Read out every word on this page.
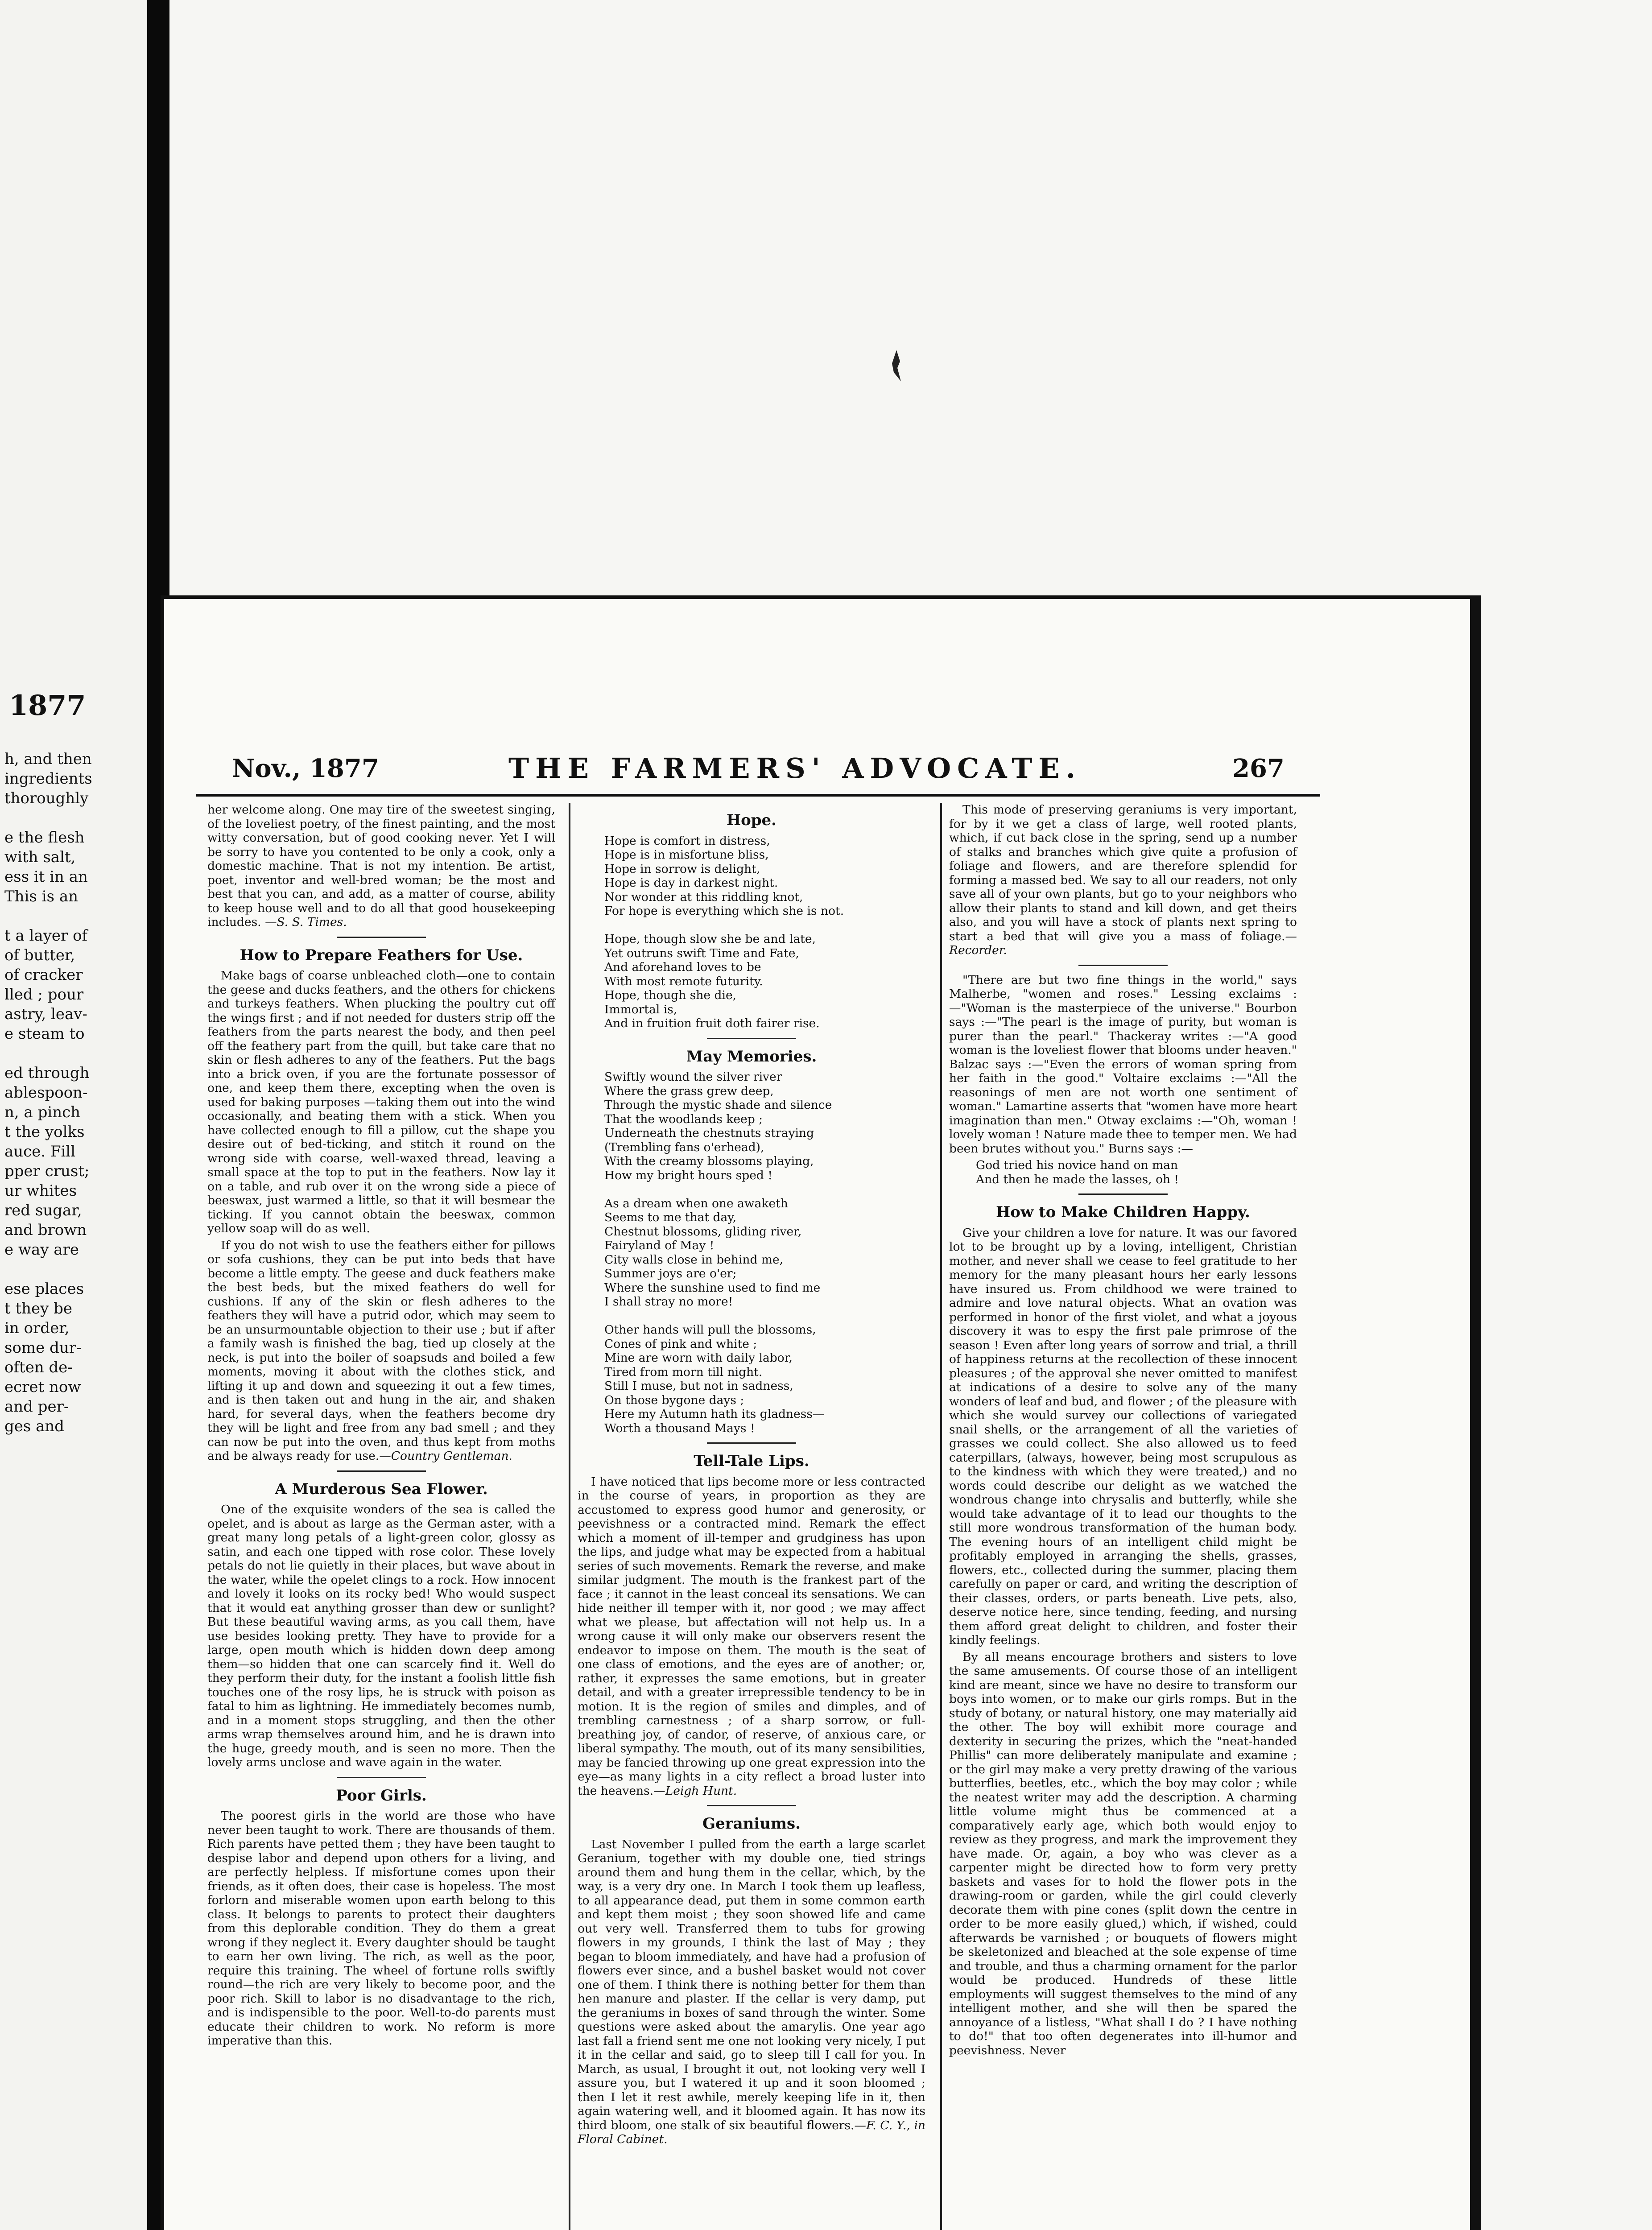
1877
h, and then
ingredients
thoroughly

e the flesh
with salt,
ess it in an
This is an

t a layer of
of butter,
of cracker
lled ; pour
astry, leav-
e steam to

ed through
ablespoon-
n, a pinch
t the yolks
auce. Fill
pper crust;
ur whites
red sugar,
and brown
e way are

ese places
t they be
in order,
some dur-
often de-
ecret now
and per-
ges and
Nov., 1877	THE FARMERS' ADVOCATE.	267

her welcome along. One may tire of the sweetest singing, of the loveliest poetry, of the finest painting, and the most witty conversation, but of good cooking never. Yet I will be sorry to have you contented to be only a cook, only a domestic machine. That is not my intention. Be artist, poet, inventor and well-bred woman; be the most and best that you can, and add, as a matter of course, ability to keep house well and to do all that good housekeeping includes. —S. S. Times.

How to Prepare Feathers for Use.

Make bags of coarse unbleached cloth—one to contain the geese and ducks feathers, and the others for chickens and turkeys feathers. When plucking the poultry cut off the wings first ; and if not needed for dusters strip off the feathers from the parts nearest the body, and then peel off the feathery part from the quill, but take care that no skin or flesh adheres to any of the feathers. Put the bags into a brick oven, if you are the fortunate possessor of one, and keep them there, excepting when the oven is used for baking purposes —taking them out into the wind occasionally, and beating them with a stick. When you have collected enough to fill a pillow, cut the shape you desire out of bed-ticking, and stitch it round on the wrong side with coarse, well-waxed thread, leaving a small space at the top to put in the feathers. Now lay it on a table, and rub over it on the wrong side a piece of beeswax, just warmed a little, so that it will besmear the ticking. If you cannot obtain the beeswax, common yellow soap will do as well.

If you do not wish to use the feathers either for pillows or sofa cushions, they can be put into beds that have become a little empty. The geese and duck feathers make the best beds, but the mixed feathers do well for cushions. If any of the skin or flesh adheres to the feathers they will have a putrid odor, which may seem to be an unsurmountable objection to their use ; but if after a family wash is finished the bag, tied up closely at the neck, is put into the boiler of soapsuds and boiled a few moments, moving it about with the clothes stick, and lifting it up and down and squeezing it out a few times, and is then taken out and hung in the air, and shaken hard, for several days, when the feathers become dry they will be light and free from any bad smell ; and they can now be put into the oven, and thus kept from moths and be always ready for use.—Country Gentleman.

A Murderous Sea Flower.

One of the exquisite wonders of the sea is called the opelet, and is about as large as the German aster, with a great many long petals of a light-green color, glossy as satin, and each one tipped with rose color. These lovely petals do not lie quietly in their places, but wave about in the water, while the opelet clings to a rock. How innocent and lovely it looks on its rocky bed! Who would suspect that it would eat anything grosser than dew or sunlight? But these beautiful waving arms, as you call them, have use besides looking pretty. They have to provide for a large, open mouth which is hidden down deep among them—so hidden that one can scarcely find it. Well do they perform their duty, for the instant a foolish little fish touches one of the rosy lips, he is struck with poison as fatal to him as lightning. He immediately becomes numb, and in a moment stops struggling, and then the other arms wrap themselves around him, and he is drawn into the huge, greedy mouth, and is seen no more. Then the lovely arms unclose and wave again in the water.

Poor Girls.

The poorest girls in the world are those who have never been taught to work. There are thousands of them. Rich parents have petted them ; they have been taught to despise labor and depend upon others for a living, and are perfectly helpless. If misfortune comes upon their friends, as it often does, their case is hopeless. The most forlorn and miserable women upon earth belong to this class. It belongs to parents to protect their daughters from this deplorable condition. They do them a great wrong if they neglect it. Every daughter should be taught to earn her own living. The rich, as well as the poor, require this training. The wheel of fortune rolls swiftly round—the rich are very likely to become poor, and the poor rich. Skill to labor is no disadvantage to the rich, and is indispensible to the poor. Well-to-do parents must educate their children to work. No reform is more imperative than this.

Hope.
Hope is comfort in distress,
Hope is in misfortune bliss,
Hope in sorrow is delight,
Hope is day in darkest night.
Nor wonder at this riddling knot,
For hope is everything which she is not.

Hope, though slow she be and late,
Yet outruns swift Time and Fate,
And aforehand loves to be
With most remote futurity.
Hope, though she die,
Immortal is,
And in fruition fruit doth fairer rise.
May Memories.
Swiftly wound the silver river
Where the grass grew deep,
Through the mystic shade and silence
That the woodlands keep ;
Underneath the chestnuts straying
(Trembling fans o'erhead),
With the creamy blossoms playing,
How my bright hours sped !

As a dream when one awaketh
Seems to me that day,
Chestnut blossoms, gliding river,
Fairyland of May !
City walls close in behind me,
Summer joys are o'er;
Where the sunshine used to find me
I shall stray no more!

Other hands will pull the blossoms,
Cones of pink and white ;
Mine are worn with daily labor,
Tired from morn till night.
Still I muse, but not in sadness,
On those bygone days ;
Here my Autumn hath its gladness—
Worth a thousand Mays !
Tell-Tale Lips.

I have noticed that lips become more or less contracted in the course of years, in proportion as they are accustomed to express good humor and generosity, or peevishness or a contracted mind. Remark the effect which a moment of ill-temper and grudginess has upon the lips, and judge what may be expected from a habitual series of such movements. Remark the reverse, and make similar judgment. The mouth is the frankest part of the face ; it cannot in the least conceal its sensations. We can hide neither ill temper with it, nor good ; we may affect what we please, but affectation will not help us. In a wrong cause it will only make our observers resent the endeavor to impose on them. The mouth is the seat of one class of emotions, and the eyes are of another; or, rather, it expresses the same emotions, but in greater detail, and with a greater irrepressible tendency to be in motion. It is the region of smiles and dimples, and of trembling carnestness ; of a sharp sorrow, or full-breathing joy, of candor, of reserve, of anxious care, or liberal sympathy. The mouth, out of its many sensibilities, may be fancied throwing up one great expression into the eye—as many lights in a city reflect a broad luster into the heavens.—Leigh Hunt.

Geraniums.

Last November I pulled from the earth a large scarlet Geranium, together with my double one, tied strings around them and hung them in the cellar, which, by the way, is a very dry one. In March I took them up leafless, to all appearance dead, put them in some common earth and kept them moist ; they soon showed life and came out very well. Transferred them to tubs for growing flowers in my grounds, I think the last of May ; they began to bloom immediately, and have had a profusion of flowers ever since, and a bushel basket would not cover one of them. I think there is nothing better for them than hen manure and plaster. If the cellar is very damp, put the geraniums in boxes of sand through the winter. Some questions were asked about the amarylis. One year ago last fall a friend sent me one not looking very nicely, I put it in the cellar and said, go to sleep till I call for you. In March, as usual, I brought it out, not looking very well I assure you, but I watered it up and it soon bloomed ; then I let it rest awhile, merely keeping life in it, then again watering well, and it bloomed again. It has now its third bloom, one stalk of six beautiful flowers.—F. C. Y., in Floral Cabinet.

This mode of preserving geraniums is very important, for by it we get a class of large, well rooted plants, which, if cut back close in the spring, send up a number of stalks and branches which give quite a profusion of foliage and flowers, and are therefore splendid for forming a massed bed. We say to all our readers, not only save all of your own plants, but go to your neighbors who allow their plants to stand and kill down, and get theirs also, and you will have a stock of plants next spring to start a bed that will give you a mass of foliage.—Recorder.

"There are but two fine things in the world," says Malherbe, "women and roses." Lessing exclaims :—"Woman is the masterpiece of the universe." Bourbon says :—"The pearl is the image of purity, but woman is purer than the pearl." Thackeray writes :—"A good woman is the loveliest flower that blooms under heaven." Balzac says :—"Even the errors of woman spring from her faith in the good." Voltaire exclaims :—"All the reasonings of men are not worth one sentiment of woman." Lamartine asserts that "women have more heart imagination than men." Otway exclaims :—"Oh, woman ! lovely woman ! Nature made thee to temper men. We had been brutes without you." Burns says :—

God tried his novice hand on man
And then he made the lasses, oh !
How to Make Children Happy.

Give your children a love for nature. It was our favored lot to be brought up by a loving, intelligent, Christian mother, and never shall we cease to feel gratitude to her memory for the many pleasant hours her early lessons have insured us. From childhood we were trained to admire and love natural objects. What an ovation was performed in honor of the first violet, and what a joyous discovery it was to espy the first pale primrose of the season ! Even after long years of sorrow and trial, a thrill of happiness returns at the recollection of these innocent pleasures ; of the approval she never omitted to manifest at indications of a desire to solve any of the many wonders of leaf and bud, and flower ; of the pleasure with which she would survey our collections of variegated snail shells, or the arrangement of all the varieties of grasses we could collect. She also allowed us to feed caterpillars, (always, however, being most scrupulous as to the kindness with which they were treated,) and no words could describe our delight as we watched the wondrous change into chrysalis and butterfly, while she would take advantage of it to lead our thoughts to the still more wondrous transformation of the human body. The evening hours of an intelligent child might be profitably employed in arranging the shells, grasses, flowers, etc., collected during the summer, placing them carefully on paper or card, and writing the description of their classes, orders, or parts beneath. Live pets, also, deserve notice here, since tending, feeding, and nursing them afford great delight to children, and foster their kindly feelings.

By all means encourage brothers and sisters to love the same amusements. Of course those of an intelligent kind are meant, since we have no desire to transform our boys into women, or to make our girls romps. But in the study of botany, or natural history, one may materially aid the other. The boy will exhibit more courage and dexterity in securing the prizes, which the "neat-handed Phillis" can more deliberately manipulate and examine ; or the girl may make a very pretty drawing of the various butterflies, beetles, etc., which the boy may color ; while the neatest writer may add the description. A charming little volume might thus be commenced at a comparatively early age, which both would enjoy to review as they progress, and mark the improvement they have made. Or, again, a boy who was clever as a carpenter might be directed how to form very pretty baskets and vases for to hold the flower pots in the drawing-room or garden, while the girl could cleverly decorate them with pine cones (split down the centre in order to be more easily glued,) which, if wished, could afterwards be varnished ; or bouquets of flowers might be skeletonized and bleached at the sole expense of time and trouble, and thus a charming ornament for the parlor would be produced. Hundreds of these little employments will suggest themselves to the mind of any intelligent mother, and she will then be spared the annoyance of a listless, "What shall I do ? I have nothing to do!" that too often degenerates into ill-humor and peevishness. Never
